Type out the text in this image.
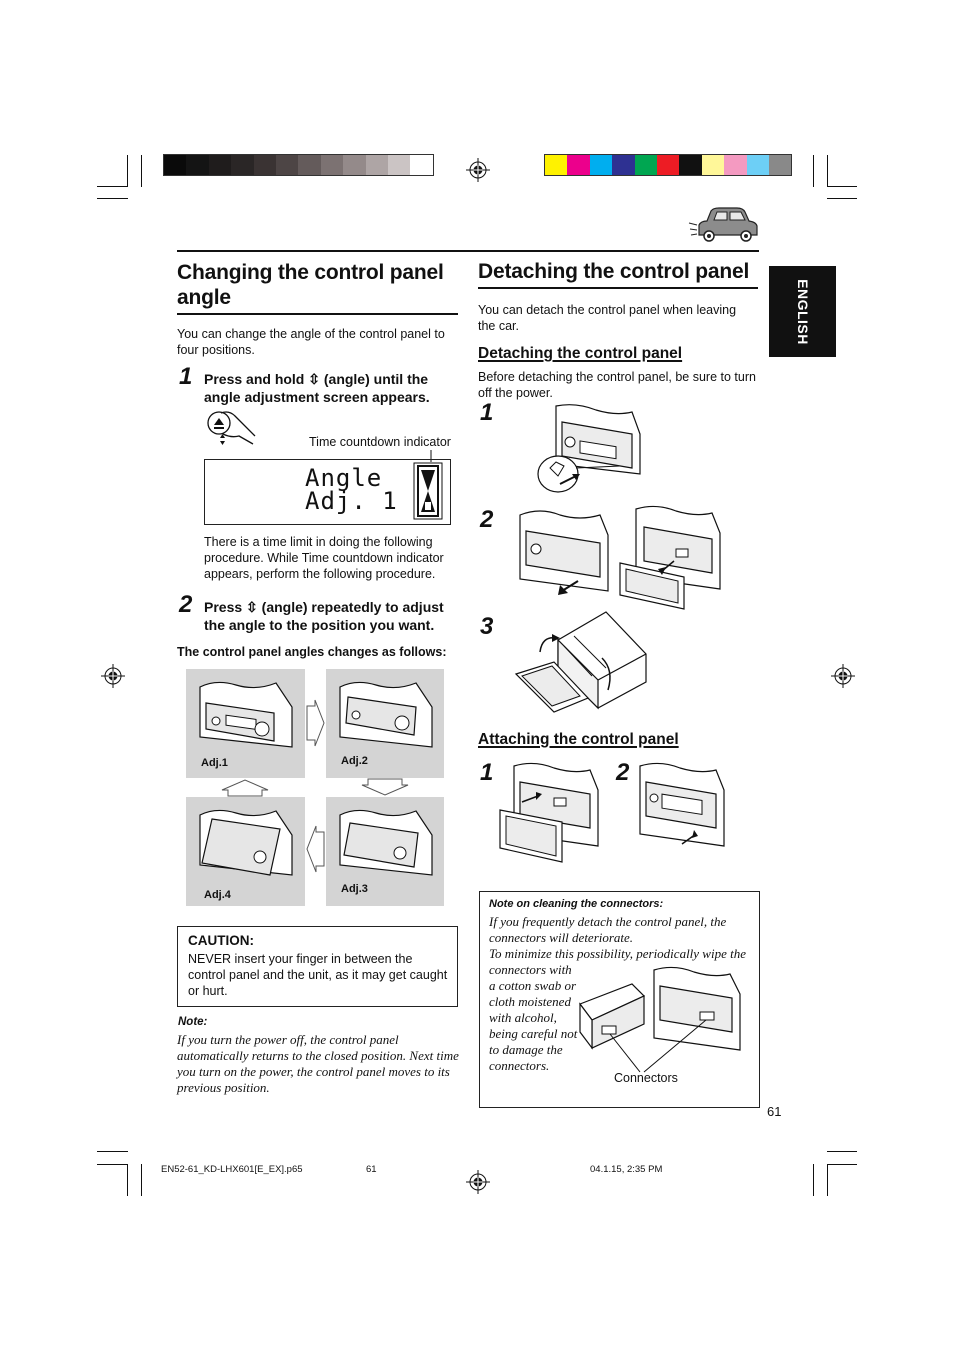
Changing the control panel angle

You can change the angle of the control panel to four positions.

1 Press and hold ⇳ (angle) until the angle adjustment screen appears.

Time countdown indicator
Angle
Adj. 1

There is a time limit in doing the following procedure. While Time countdown indicator appears, perform the following procedure.

2 Press ⇳ (angle) repeatedly to adjust the angle to the position you want.

The control panel angles changes as follows:

Adj.1	Adj.2
Adj.4	Adj.3

CAUTION:

NEVER insert your finger in between the control panel and the unit, as it may get caught or hurt.

Note:

If you turn the power off, the control panel automatically returns to the closed position. Next time you turn on the power, the control panel moves to its previous position.

Detaching the control panel

You can detach the control panel when leaving the car.

Detaching the control panel

Before detaching the control panel, be sure to turn off the power.

1
2
3

Attaching the control panel

1	2

Note on cleaning the connectors:

If you frequently detach the control panel, the

connectors will deteriorate.

To minimize this possibility, periodically wipe the

connectors with

a cotton swab or

cloth moistened

with alcohol,

being careful not

to damage the

connectors.

Connectors

ENGLISH

61

EN52-61_KD-LHX601[E_EX].p65	61	04.1.15, 2:35 PM
